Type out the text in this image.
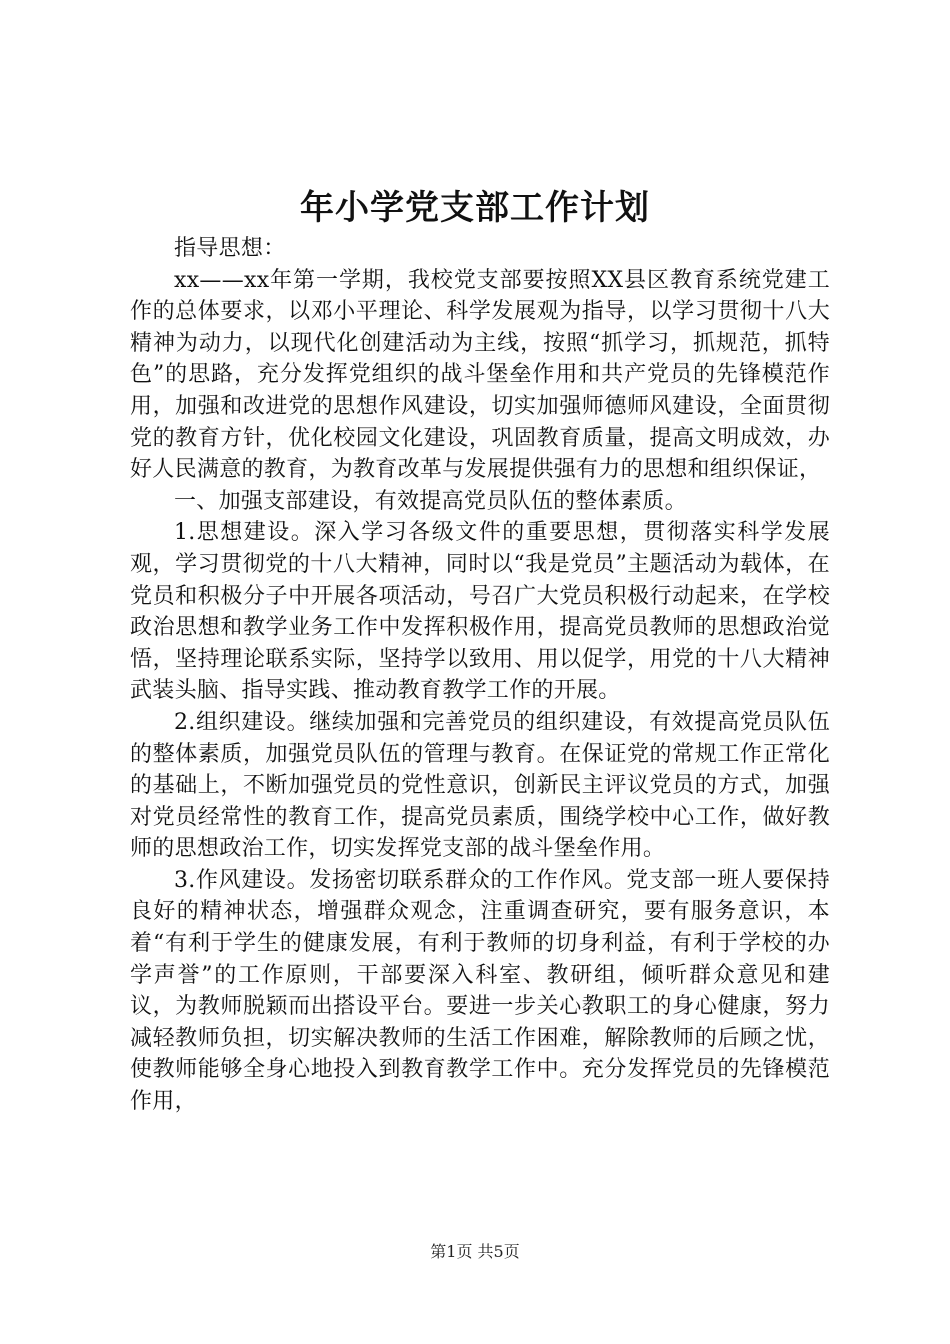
年小学党支部工作计划

指导思想：

xx——xx年第一学期，我校党支部要按照XX县区教育系统党建工作的总体要求，以邓小平理论、科学发展观为指导，以学习贯彻十八大精神为动力，以现代化创建活动为主线，按照“抓学习，抓规范，抓特色”的思路，充分发挥党组织的战斗堡垒作用和共产党员的先锋模范作用，加强和改进党的思想作风建设，切实加强师德师风建设，全面贯彻党的教育方针，优化校园文化建设，巩固教育质量，提高文明成效，办好人民满意的教育，为教育改革与发展提供强有力的思想和组织保证，

一、加强支部建设，有效提高党员队伍的整体素质。

1.思想建设。深入学习各级文件的重要思想，贯彻落实科学发展观，学习贯彻党的十八大精神，同时以“我是党员”主题活动为载体，在党员和积极分子中开展各项活动，号召广大党员积极行动起来，在学校政治思想和教学业务工作中发挥积极作用，提高党员教师的思想政治觉悟，坚持理论联系实际，坚持学以致用、用以促学，用党的十八大精神武装头脑、指导实践、推动教育教学工作的开展。

2.组织建设。继续加强和完善党员的组织建设，有效提高党员队伍的整体素质，加强党员队伍的管理与教育。在保证党的常规工作正常化的基础上，不断加强党员的党性意识，创新民主评议党员的方式，加强对党员经常性的教育工作，提高党员素质，围绕学校中心工作，做好教师的思想政治工作，切实发挥党支部的战斗堡垒作用。

3.作风建设。发扬密切联系群众的工作作风。党支部一班人要保持良好的精神状态，增强群众观念，注重调查研究，要有服务意识，本着“有利于学生的健康发展，有利于教师的切身利益，有利于学校的办学声誉”的工作原则，干部要深入科室、教研组，倾听群众意见和建议，为教师脱颖而出搭设平台。要进一步关心教职工的身心健康，努力减轻教师负担，切实解决教师的生活工作困难，解除教师的后顾之忧，使教师能够全身心地投入到教育教学工作中。充分发挥党员的先锋模范作用，

第1页 共5页
